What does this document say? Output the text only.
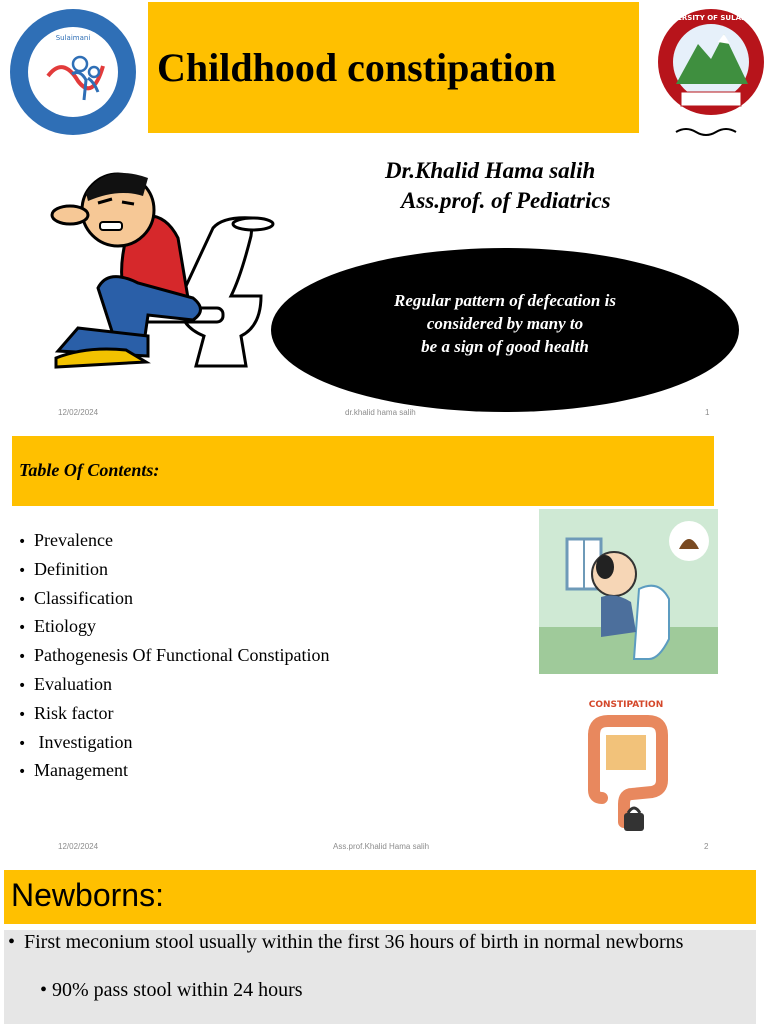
Childhood constipation
Sulaimani
UNIVERSITY OF SULAIMANI
Dr.Khalid Hama salih
Ass.prof. of Pediatrics
Regular pattern of defecation is
considered by many to
be a sign of good health
12/02/2024	dr.khalid hama salih	1
Table Of Contents:
• Prevalence
• Definition
• Classification
• Etiology
• Pathogenesis Of Functional Constipation
• Evaluation
• Risk factor
• Investigation
• Management
CONSTIPATION
12/02/2024	Ass.prof.Khalid Hama salih	2
Newborns:
• First meconium stool usually within the first 36 hours of birth in normal newborns
• 90% pass stool within 24 hours
